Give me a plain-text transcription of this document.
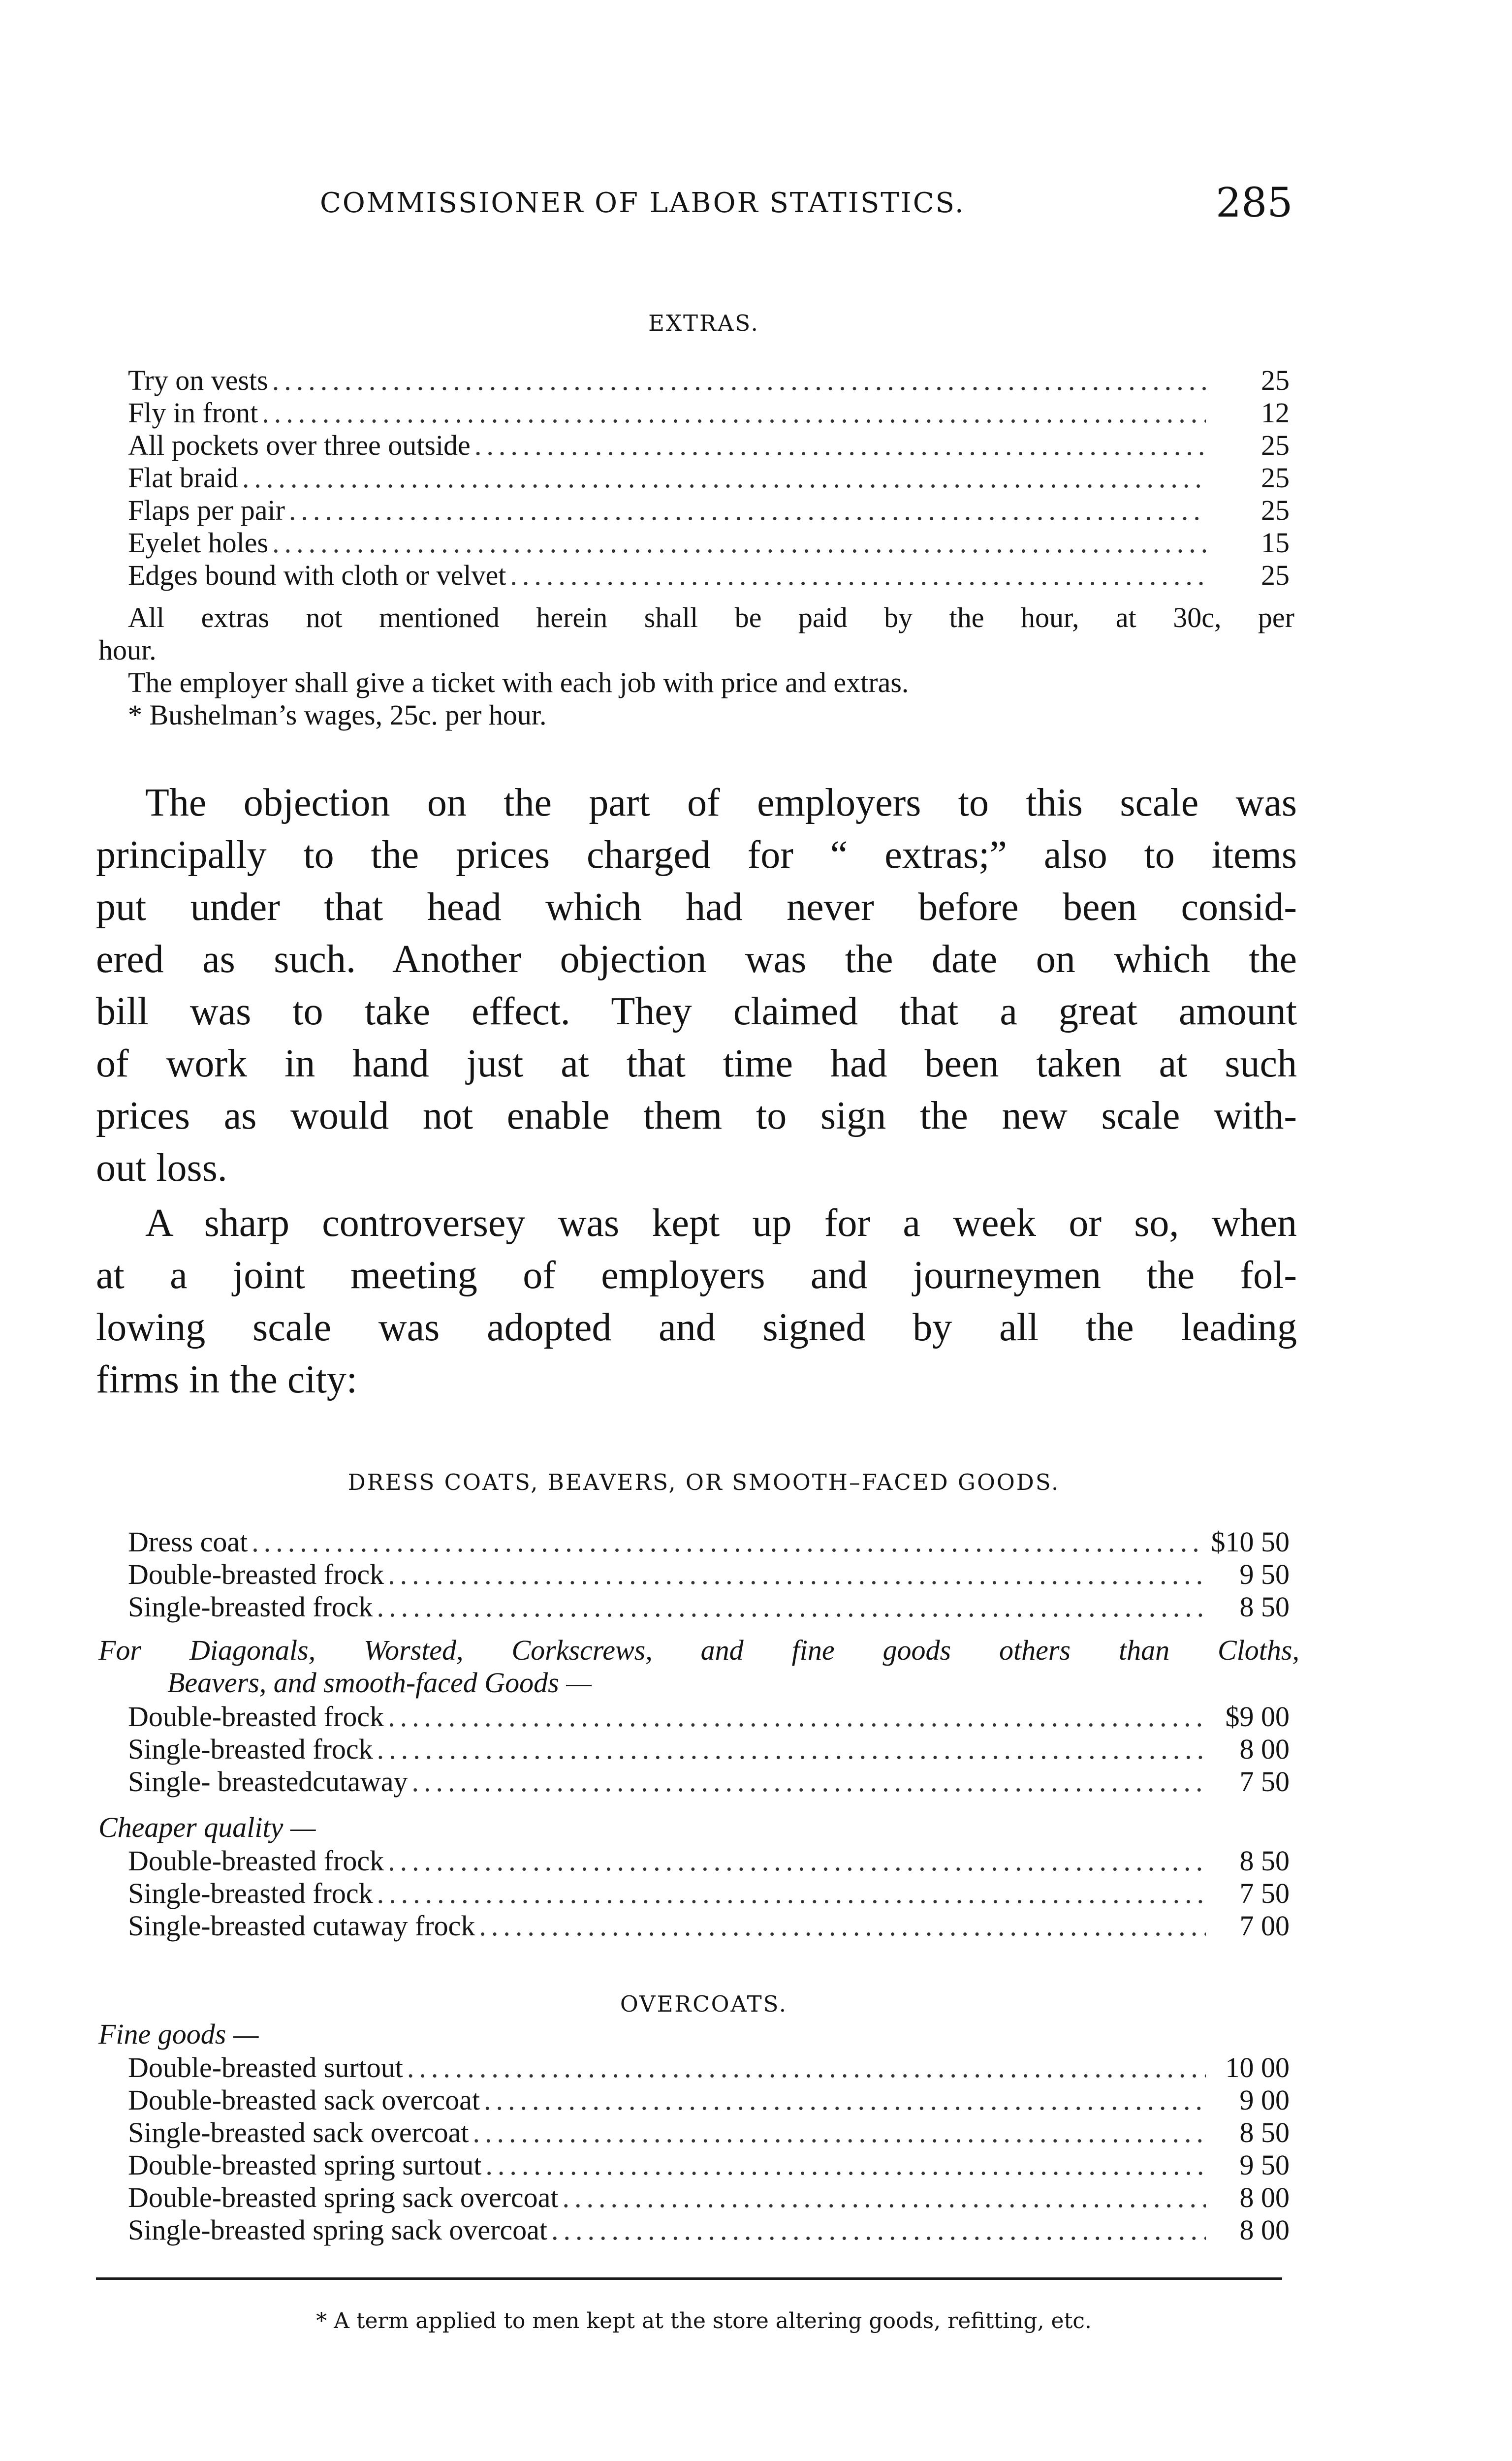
COMMISSIONER OF LABOR STATISTICS.	285
EXTRAS.
Try on vests .....	25
Fly in front .....	12
All pockets over three outside .....	25
Flat braid .....	25
Flaps per pair .....	25
Eyelet holes .....	15
Edges bound with cloth or velvet .....	25
All extras not mentioned herein shall be paid by the hour, at 30c, per
hour.
The employer shall give a ticket with each job with price and extras.
* Bushelman’s wages, 25c. per hour.
The objection on the part of employers to this scale was
principally to the prices charged for “ extras;” also to items
put under that head which had never before been consid-
ered as such. Another objection was the date on which the
bill was to take effect. They claimed that a great amount
of work in hand just at that time had been taken at such
prices as would not enable them to sign the new scale with-
out loss.
A sharp controversey was kept up for a week or so, when
at a joint meeting of employers and journeymen the fol-
lowing scale was adopted and signed by all the leading
firms in the city:
DRESS COATS, BEAVERS, OR SMOOTH–FACED GOODS.
Dress coat .....	$10 50
Double-breasted frock .....	9 50
Single-breasted frock .....	8 50
For Diagonals, Worsted, Corkscrews, and fine goods others than Cloths,
Beavers, and smooth-faced Goods —
Double-breasted frock .....	$9 00
Single-breasted frock .....	8 00
Single- breastedcutaway .....	7 50
Cheaper quality —
Double-breasted frock .....	8 50
Single-breasted frock .....	7 50
Single-breasted cutaway frock .....	7 00
OVERCOATS.
Fine goods —
Double-breasted surtout .....	10 00
Double-breasted sack overcoat .....	9 00
Single-breasted sack overcoat .....	8 50
Double-breasted spring surtout .....	9 50
Double-breasted spring sack overcoat .....	8 00
Single-breasted spring sack overcoat .....	8 00
* A term applied to men kept at the store altering goods, refitting, etc.
